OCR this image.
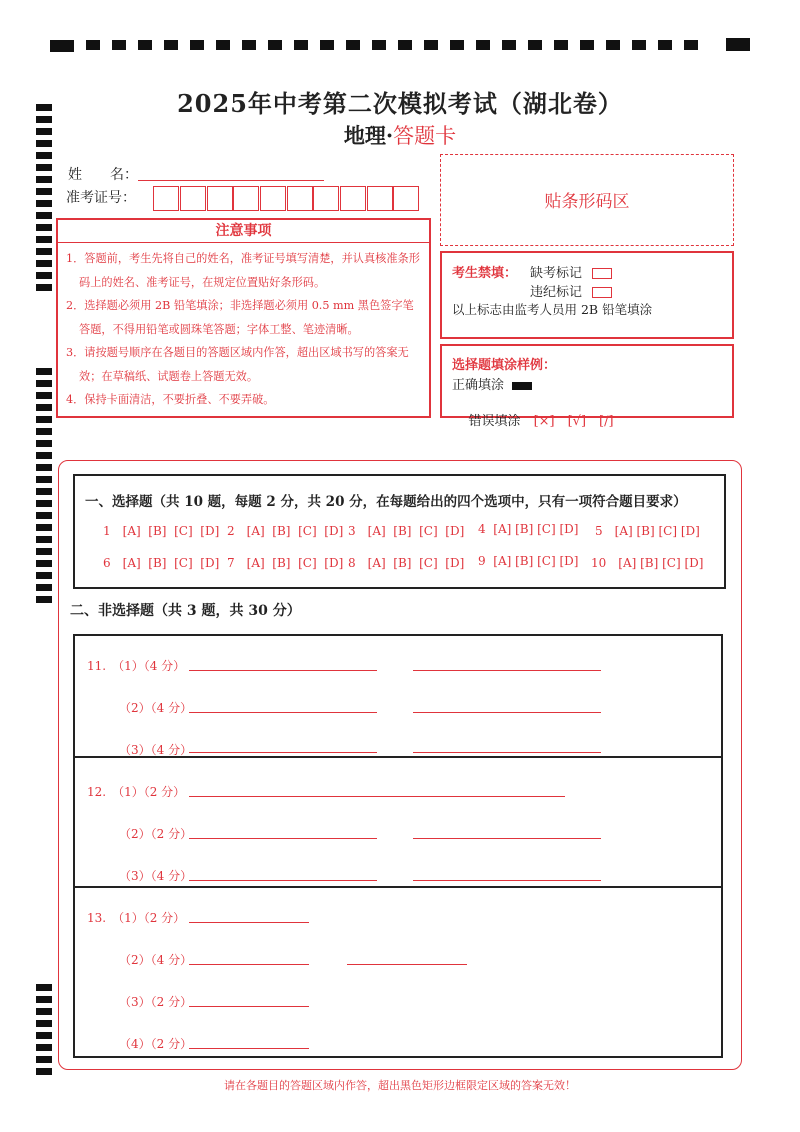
2025年中考第二次模拟考试（湖北卷）
地理·答题卡
姓　　名：
准考证号：	贴条形码区
注意事项

1．答题前，考生先将自己的姓名，准考证号填写清楚，并认真核准条形码上的姓名、准考证号，在规定位置贴好条形码。

2．选择题必须用 2B 铅笔填涂；非选择题必须用 0.5 mm 黑色签字笔答题，不得用铅笔或圆珠笔答题；字体工整、笔迹清晰。

3．请按题号顺序在各题目的答题区域内作答，超出区域书写的答案无效；在草稿纸、试题卷上答题无效。

4．保持卡面清洁，不要折叠、不要弄破。

考生禁填： 缺考标记
违纪标记
以上标志由监考人员用 2B 铅笔填涂
选择题填涂样例：
正确填涂

错误填涂　 [×]　[√]　[/]

一、选择题（共 10 题，每题 2 分，共 20 分，在每题给出的四个选项中，只有一项符合题目要求）
1　[A]  [B]  [C]  [D] 2　[A]  [B]  [C]  [D] 3　[A]  [B]  [C]  [D] 4  [A] [B] [C] [D] 5　[A] [B] [C] [D]
6　[A]  [B]  [C]  [D] 7　[A]  [B]  [C]  [D] 8　[A]  [B]  [C]  [D] 9  [A] [B] [C] [D] 10　[A] [B] [C] [D]
二、非选择题（共 3 题，共 30 分）
11.　（1）（4 分）
（2）（4 分）
（3）（4 分）
12.　（1）（2 分）
（2）（2 分）
（3）（4 分）
13.　（1）（2 分）
（2）（4 分）
（3）（2 分）
（4）（2 分）
请在各题目的答题区域内作答，超出黑色矩形边框限定区域的答案无效！
